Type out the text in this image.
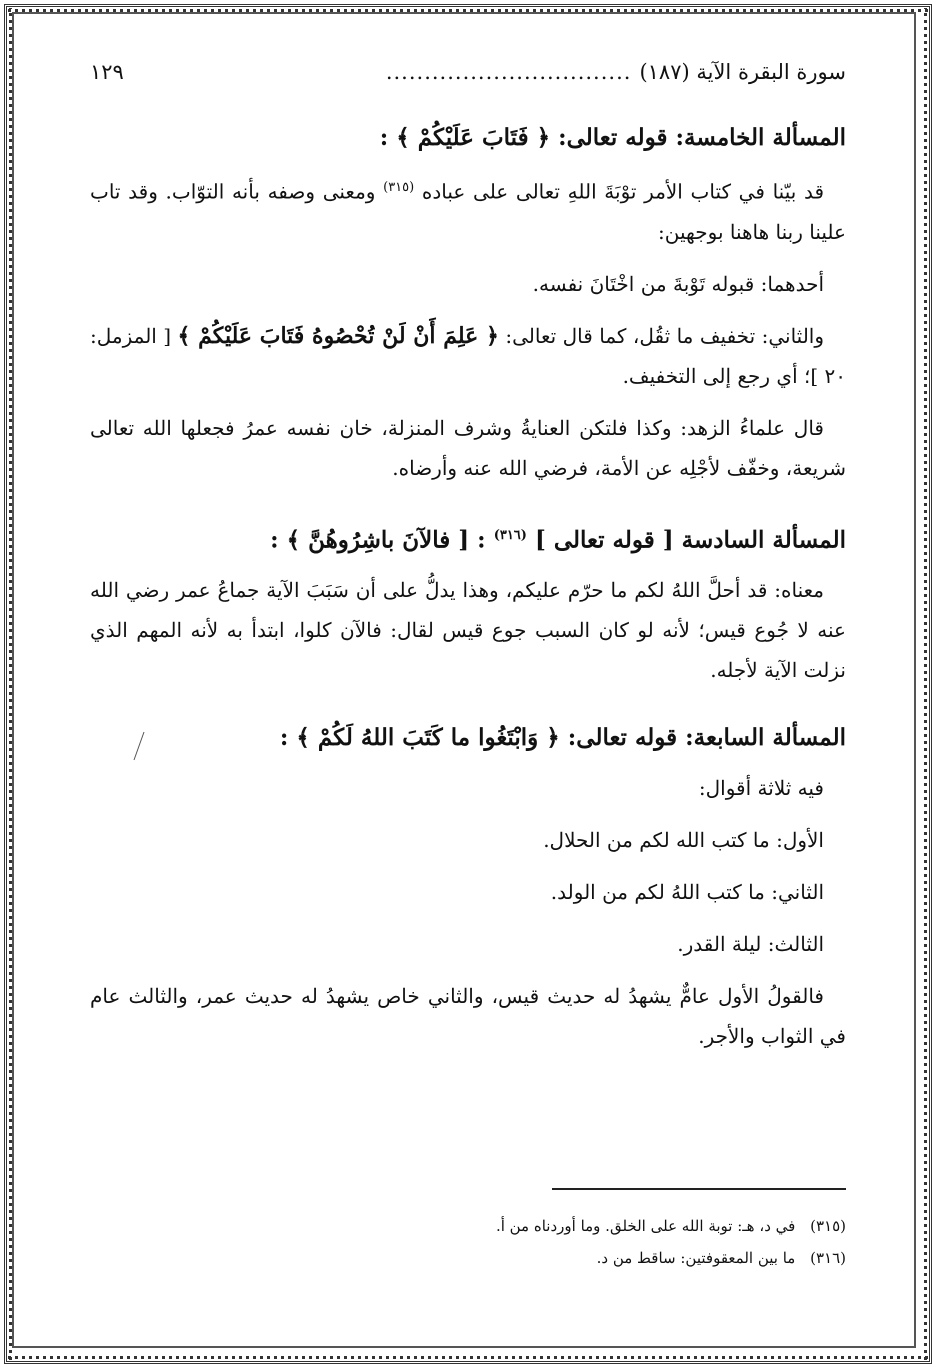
سورة البقرة الآية (١٨٧)
................................
١٢٩
المسألة الخامسة: قوله تعالى: ﴿ فَتَابَ عَلَيْكُمْ ﴾ :

قد بيّنا في كتاب الأمر توْبَةَ اللهِ تعالى على عباده $^{(٣١٥)}$ ومعنى وصفه بأنه التوّاب. وقد تاب علينا ربنا هاهنا بوجهين:

أحدهما: قبوله تَوْبةَ من اخْتَانَ نفسه.

والثاني: تخفيف ما ثقُل، كما قال تعالى: ﴿ عَلِمَ أَنْ لَنْ تُحْصُوهُ فَتَابَ عَلَيْكُمْ ﴾ [ المزمل: ٢٠ ]؛ أي رجع إلى التخفيف.

قال علماءُ الزهد: وكذا فلتكن العنايةُ وشرف المنزلة، خان نفسه عمرُ فجعلها الله تعالى شريعة، وخفّف لأجْلِه عن الأمة، فرضي الله عنه وأرضاه.

المسألة السادسة [ قوله تعالى ] $^{(٣١٦)}$ : [ فالآنَ باشِرُوهُنَّ ﴾ :

معناه: قد أحلَّ اللهُ لكم ما حرّم عليكم، وهذا يدلُّ على أن سَبَبَ الآية جماعُ عمر رضي الله عنه لا جُوع قيس؛ لأنه لو كان السبب جوع قيس لقال: فالآن كلوا، ابتدأ به لأنه المهم الذي نزلت الآية لأجله.

المسألة السابعة: قوله تعالى: ﴿ وَابْتَغُوا ما كَتَبَ اللهُ لَكُمْ ﴾ :

فيه ثلاثة أقوال:

الأول: ما كتب الله لكم من الحلال.

الثاني: ما كتب اللهُ لكم من الولد.

الثالث: ليلة القدر.

فالقولُ الأول عامٌّ يشهدُ له حديث قيس، والثاني خاص يشهدُ له حديث عمر، والثالث عام في الثواب والأجر.

(٣١٥) في د، هـ: توبة الله على الخلق. وما أوردناه من أ.
(٣١٦) ما بين المعقوفتين: ساقط من د.
